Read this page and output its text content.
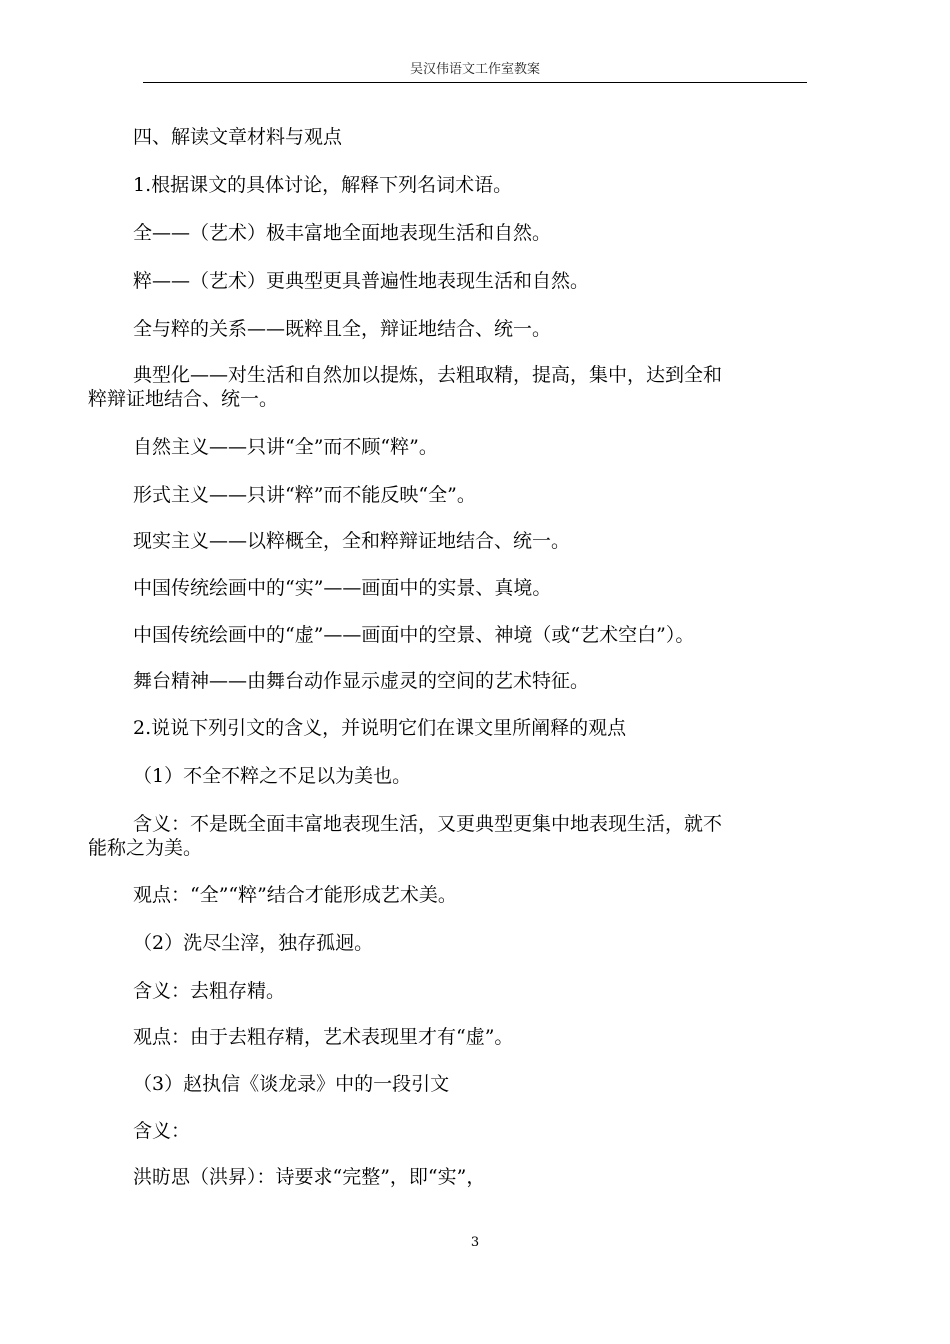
吴汉伟语文工作室教案
四、解读文章材料与观点
1.根据课文的具体讨论，解释下列名词术语。
全——（艺术）极丰富地全面地表现生活和自然。
粹——（艺术）更典型更具普遍性地表现生活和自然。
全与粹的关系——既粹且全，辩证地结合、统一。
典型化——对生活和自然加以提炼，去粗取精，提高，集中，达到全和
粹辩证地结合、统一。
自然主义——只讲“全”而不顾“粹”。
形式主义——只讲“粹”而不能反映“全”。
现实主义——以粹概全，全和粹辩证地结合、统一。
中国传统绘画中的“实”——画面中的实景、真境。
中国传统绘画中的“虚”——画面中的空景、神境（或“艺术空白”）。
舞台精神——由舞台动作显示虚灵的空间的艺术特征。
2.说说下列引文的含义，并说明它们在课文里所阐释的观点
（1）不全不粹之不足以为美也。
含义：不是既全面丰富地表现生活，又更典型更集中地表现生活，就不
能称之为美。
观点：“全”“粹”结合才能形成艺术美。
（2）洗尽尘滓，独存孤迥。
含义：去粗存精。
观点：由于去粗存精，艺术表现里才有“虚”。
（3）赵执信《谈龙录》中的一段引文
含义：
洪昉思（洪昇）：诗要求“完整”，即“实”，
3
